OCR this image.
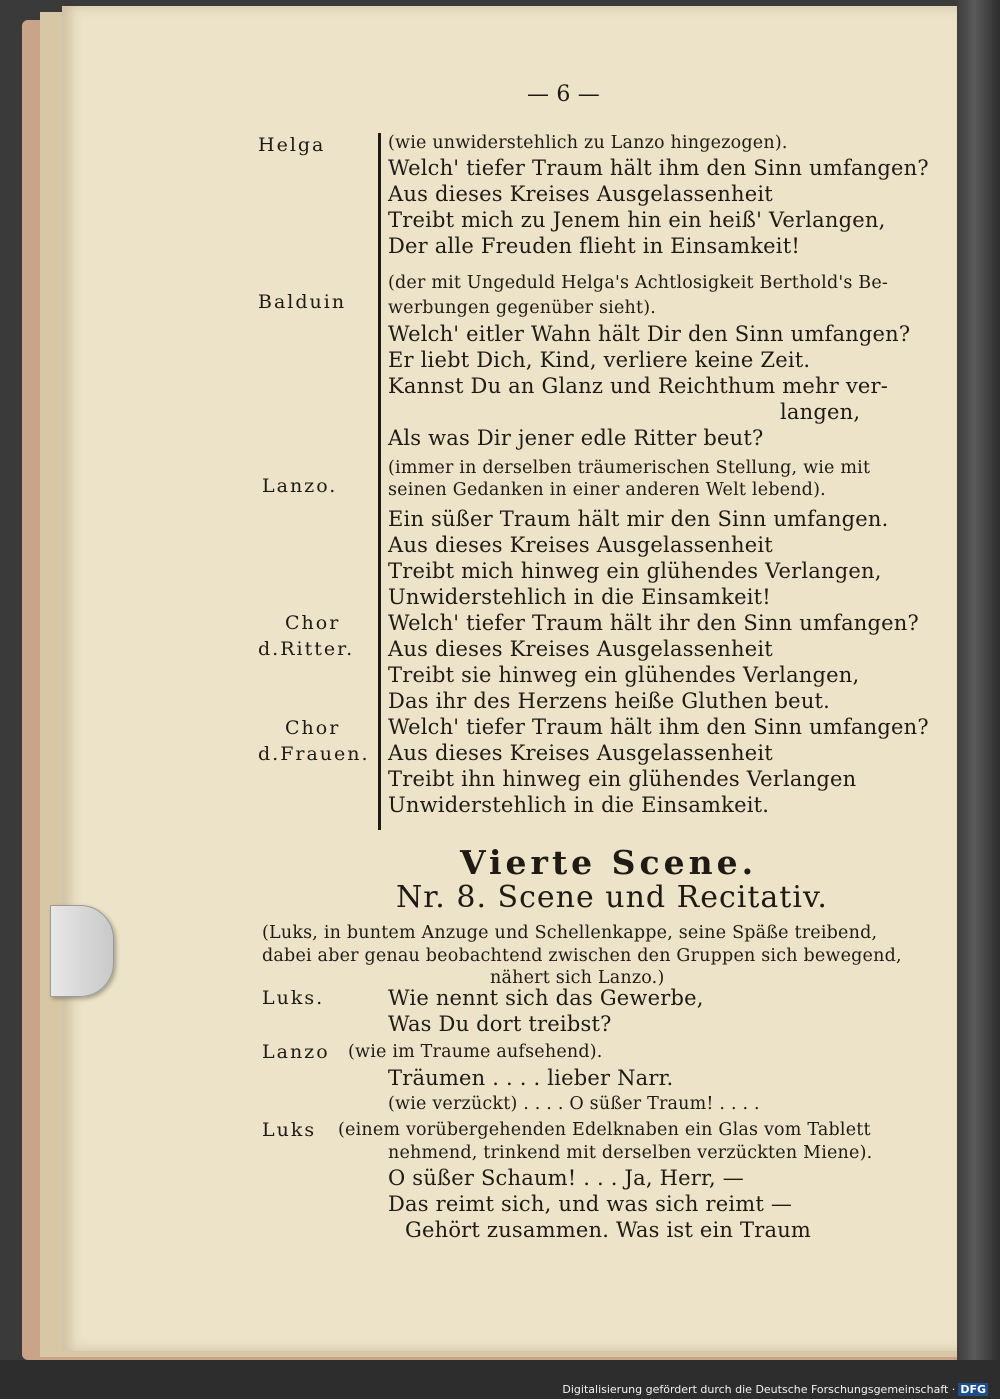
— 6 —
Helga
Balduin
Lanzo.
Chor
d.Ritter.
Chor
d.Frauen.
(wie unwiderstehlich zu Lanzo hingezogen).
Welch' tiefer Traum hält ihm den Sinn umfangen?
Aus dieses Kreises Ausgelassenheit
Treibt mich zu Jenem hin ein heiß' Verlangen,
Der alle Freuden flieht in Einsamkeit!
(der mit Ungeduld Helga's Achtlosigkeit Berthold's Be-
werbungen gegenüber sieht).
Welch' eitler Wahn hält Dir den Sinn umfangen?
Er liebt Dich, Kind, verliere keine Zeit.
Kannst Du an Glanz und Reichthum mehr ver-
langen,
Als was Dir jener edle Ritter beut?
(immer in derselben träumerischen Stellung, wie mit
seinen Gedanken in einer anderen Welt lebend).
Ein süßer Traum hält mir den Sinn umfangen.
Aus dieses Kreises Ausgelassenheit
Treibt mich hinweg ein glühendes Verlangen,
Unwiderstehlich in die Einsamkeit!
Welch' tiefer Traum hält ihr den Sinn umfangen?
Aus dieses Kreises Ausgelassenheit
Treibt sie hinweg ein glühendes Verlangen,
Das ihr des Herzens heiße Gluthen beut.
Welch' tiefer Traum hält ihm den Sinn umfangen?
Aus dieses Kreises Ausgelassenheit
Treibt ihn hinweg ein glühendes Verlangen
Unwiderstehlich in die Einsamkeit.
Vierte Scene.
Nr. 8. Scene und Recitativ.
(Luks, in buntem Anzuge und Schellenkappe, seine Späße treibend,
dabei aber genau beobachtend zwischen den Gruppen sich bewegend,
nähert sich Lanzo.)
Luks.	Wie nennt sich das Gewerbe,
Was Du dort treibst?
Lanzo (wie im Traume aufsehend).
Träumen . . . . lieber Narr.
(wie verzückt) . . . . O süßer Traum! . . . .
Luks (einem vorübergehenden Edelknaben ein Glas vom Tablett
nehmend, trinkend mit derselben verzückten Miene).
O süßer Schaum! . . . Ja, Herr, —
Das reimt sich, und was sich reimt —
Gehört zusammen. Was ist ein Traum
Digitalisierung gefördert durch die Deutsche Forschungsgemeinschaft · DFG
